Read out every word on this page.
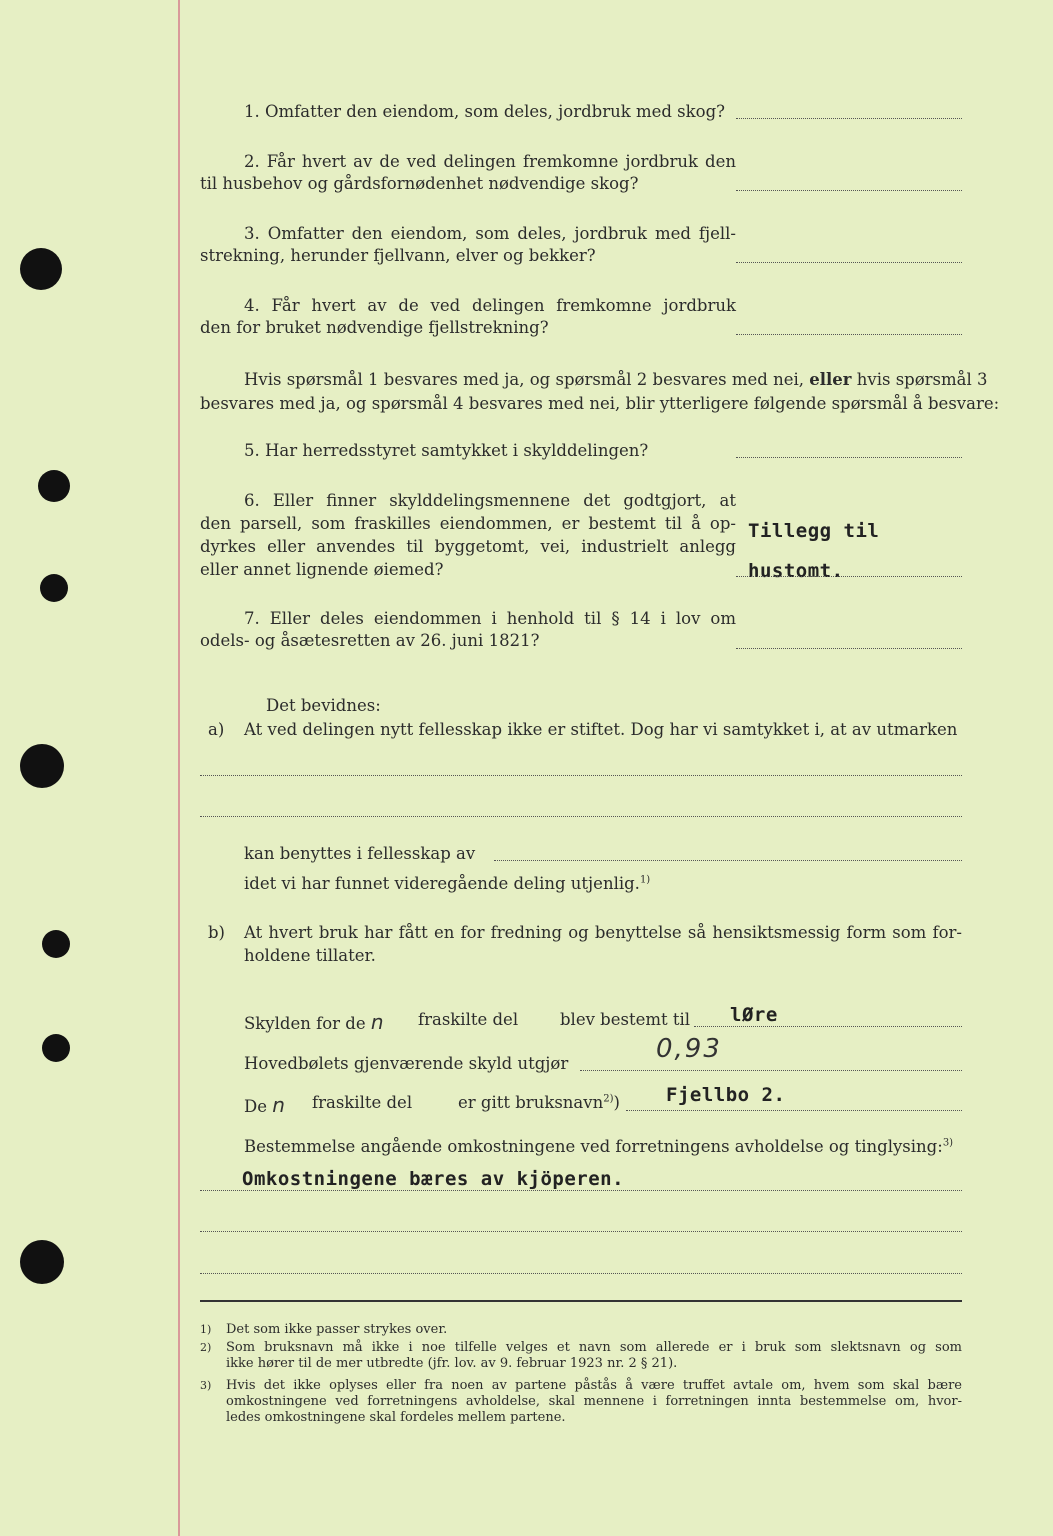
1. Omfatter den eiendom, som deles, jordbruk med skog?
2. Får hvert av de ved delingen fremkomne jordbruk den
til husbehov og gårdsfornødenhet nødvendige skog?
3. Omfatter den eiendom, som deles, jordbruk med fjell-
strekning, herunder fjellvann, elver og bekker?
4. Får hvert av de ved delingen fremkomne jordbruk
den for bruket nødvendige fjellstrekning?
Hvis spørsmål 1 besvares med ja, og spørsmål 2 besvares med nei, eller hvis spørsmål 3
besvares med ja, og spørsmål 4 besvares med nei, blir ytterligere følgende spørsmål å besvare:
5. Har herredsstyret samtykket i skylddelingen?
6. Eller finner skylddelingsmennene det godtgjort, at
den parsell, som fraskilles eiendommen, er bestemt til å op-
dyrkes eller anvendes til byggetomt, vei, industrielt anlegg
eller annet lignende øiemed?
Tillegg til
hustomt.
7. Eller deles eiendommen i henhold til § 14 i lov om
odels- og åsætesretten av 26. juni 1821?
Det bevidnes:
a) At ved delingen nytt fellesskap ikke er stiftet. Dog har vi samtykket i, at av utmarken
kan benyttes i fellesskap av
idet vi har funnet videregående deling utjenlig.$^{1)}$
b) At hvert bruk har fått en for fredning og benyttelse så hensiktsmessig form som for-
holdene tillater.
Skylden for de n fraskilte del	blev bestemt til lØre
Hovedbølets gjenværende skyld utgjør	0,93
De n fraskilte del	er gitt bruksnavn$^{2)}$) Fjellbo 2.
Bestemmelse angående omkostningene ved forretningens avholdelse og tinglysing:$^{3)}$
Omkostningene bæres av kjöperen.
1) Det som ikke passer strykes over.
2) Som bruksnavn må ikke i noe tilfelle velges et navn som allerede er i bruk som slektsnavn og som
ikke hører til de mer utbredte (jfr. lov. av 9. februar 1923 nr. 2 § 21).
3) Hvis det ikke oplyses eller fra noen av partene påstås å være truffet avtale om, hvem som skal bære
omkostningene ved forretningens avholdelse, skal mennene i forretningen innta bestemmelse om, hvor-
ledes omkostningene skal fordeles mellem partene.
